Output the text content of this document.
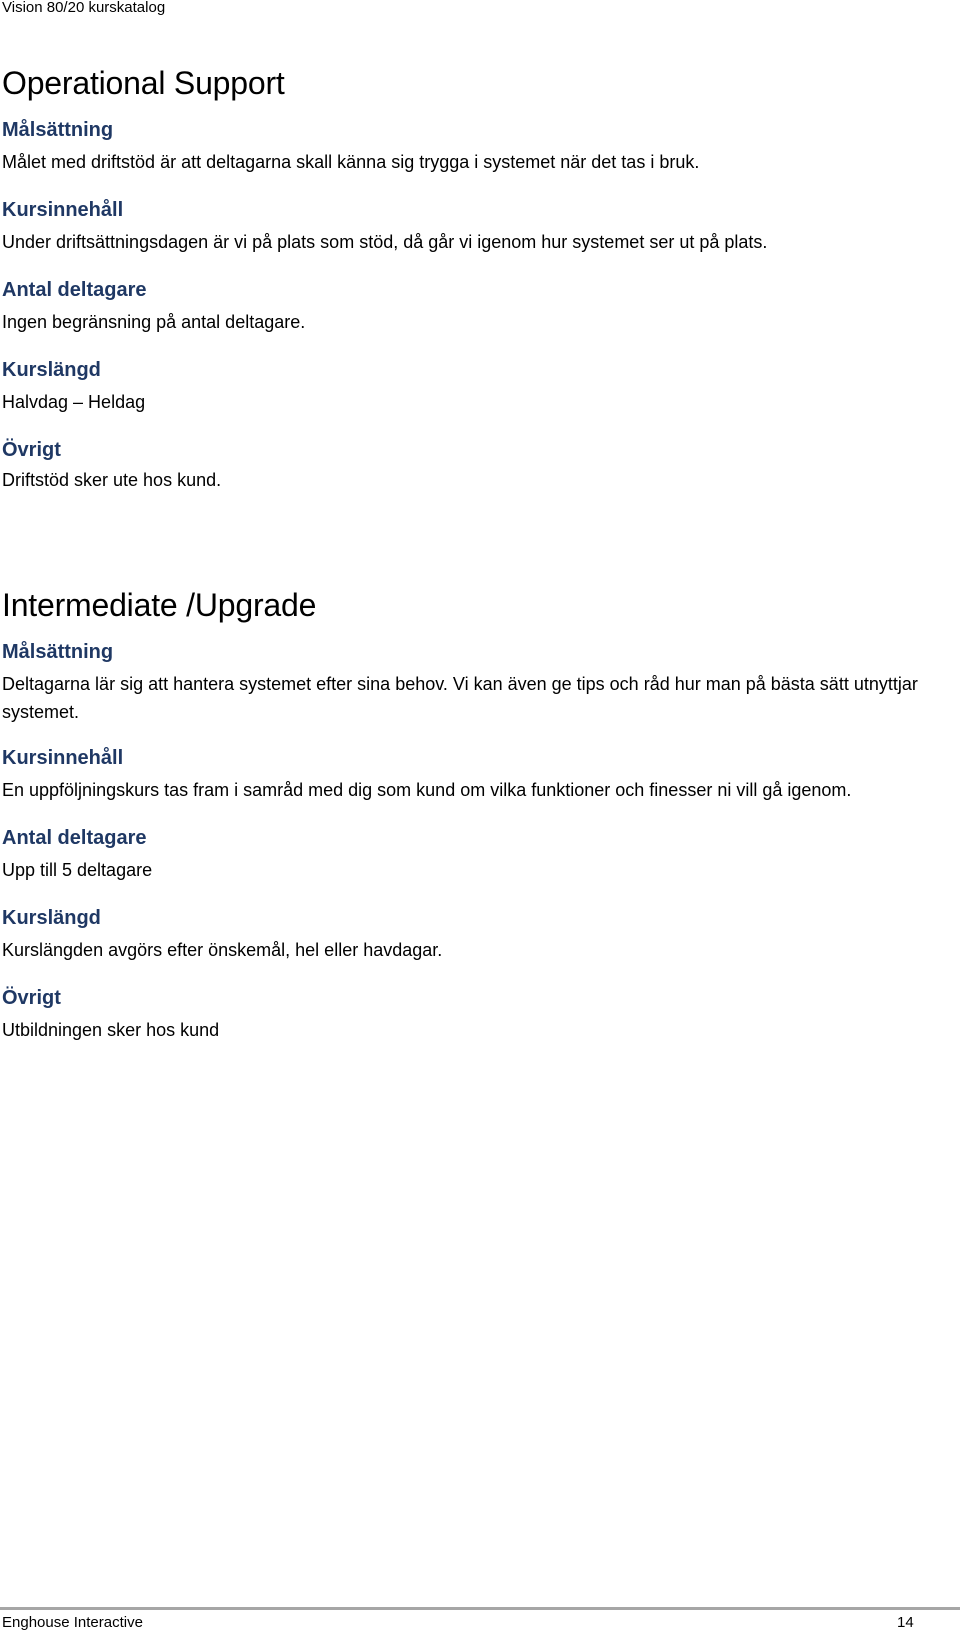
Vision 80/20 kurskatalog
Operational Support
Målsättning

Målet med driftstöd är att deltagarna skall känna sig trygga i systemet när det tas i bruk.

Kursinnehåll

Under driftsättningsdagen är vi på plats som stöd, då går vi igenom hur systemet ser ut på plats.

Antal deltagare

Ingen begränsning på antal deltagare.

Kurslängd

Halvdag – Heldag

Övrigt

Driftstöd sker ute hos kund.

Intermediate /Upgrade
Målsättning

Deltagarna lär sig att hantera systemet efter sina behov. Vi kan även ge tips och råd hur man på bästa sätt utnyttjar systemet.

Kursinnehåll

En uppföljningskurs tas fram i samråd med dig som kund om vilka funktioner och finesser ni vill gå igenom.

Antal deltagare

Upp till 5 deltagare

Kurslängd

Kurslängden avgörs efter önskemål, hel eller havdagar.

Övrigt

Utbildningen sker hos kund

Enghouse Interactive	14
